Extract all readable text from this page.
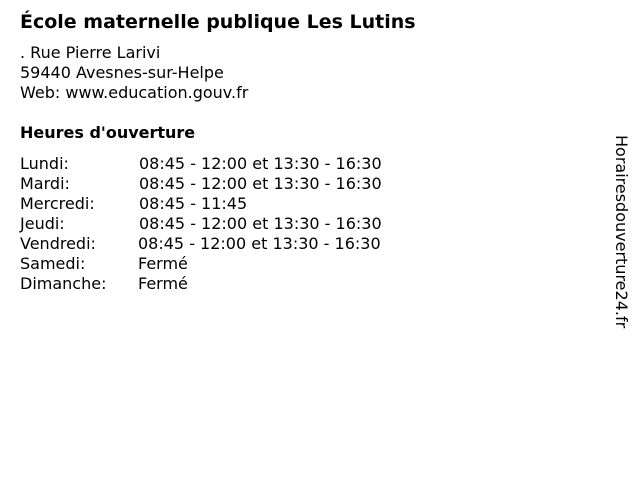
École maternelle publique Les Lutins
. Rue Pierre Larivi
59440 Avesnes-sur-Helpe
Web: www.education.gouv.fr
Heures d'ouverture
Lundi:	08:45 - 12:00 et 13:30 - 16:30
Mardi:	08:45 - 12:00 et 13:30 - 16:30
Mercredi:	08:45 - 11:45
Jeudi:	08:45 - 12:00 et 13:30 - 16:30
Vendredi:	08:45 - 12:00 et 13:30 - 16:30
Samedi:	Fermé
Dimanche: Fermé	Horairesdouverture24.fr
